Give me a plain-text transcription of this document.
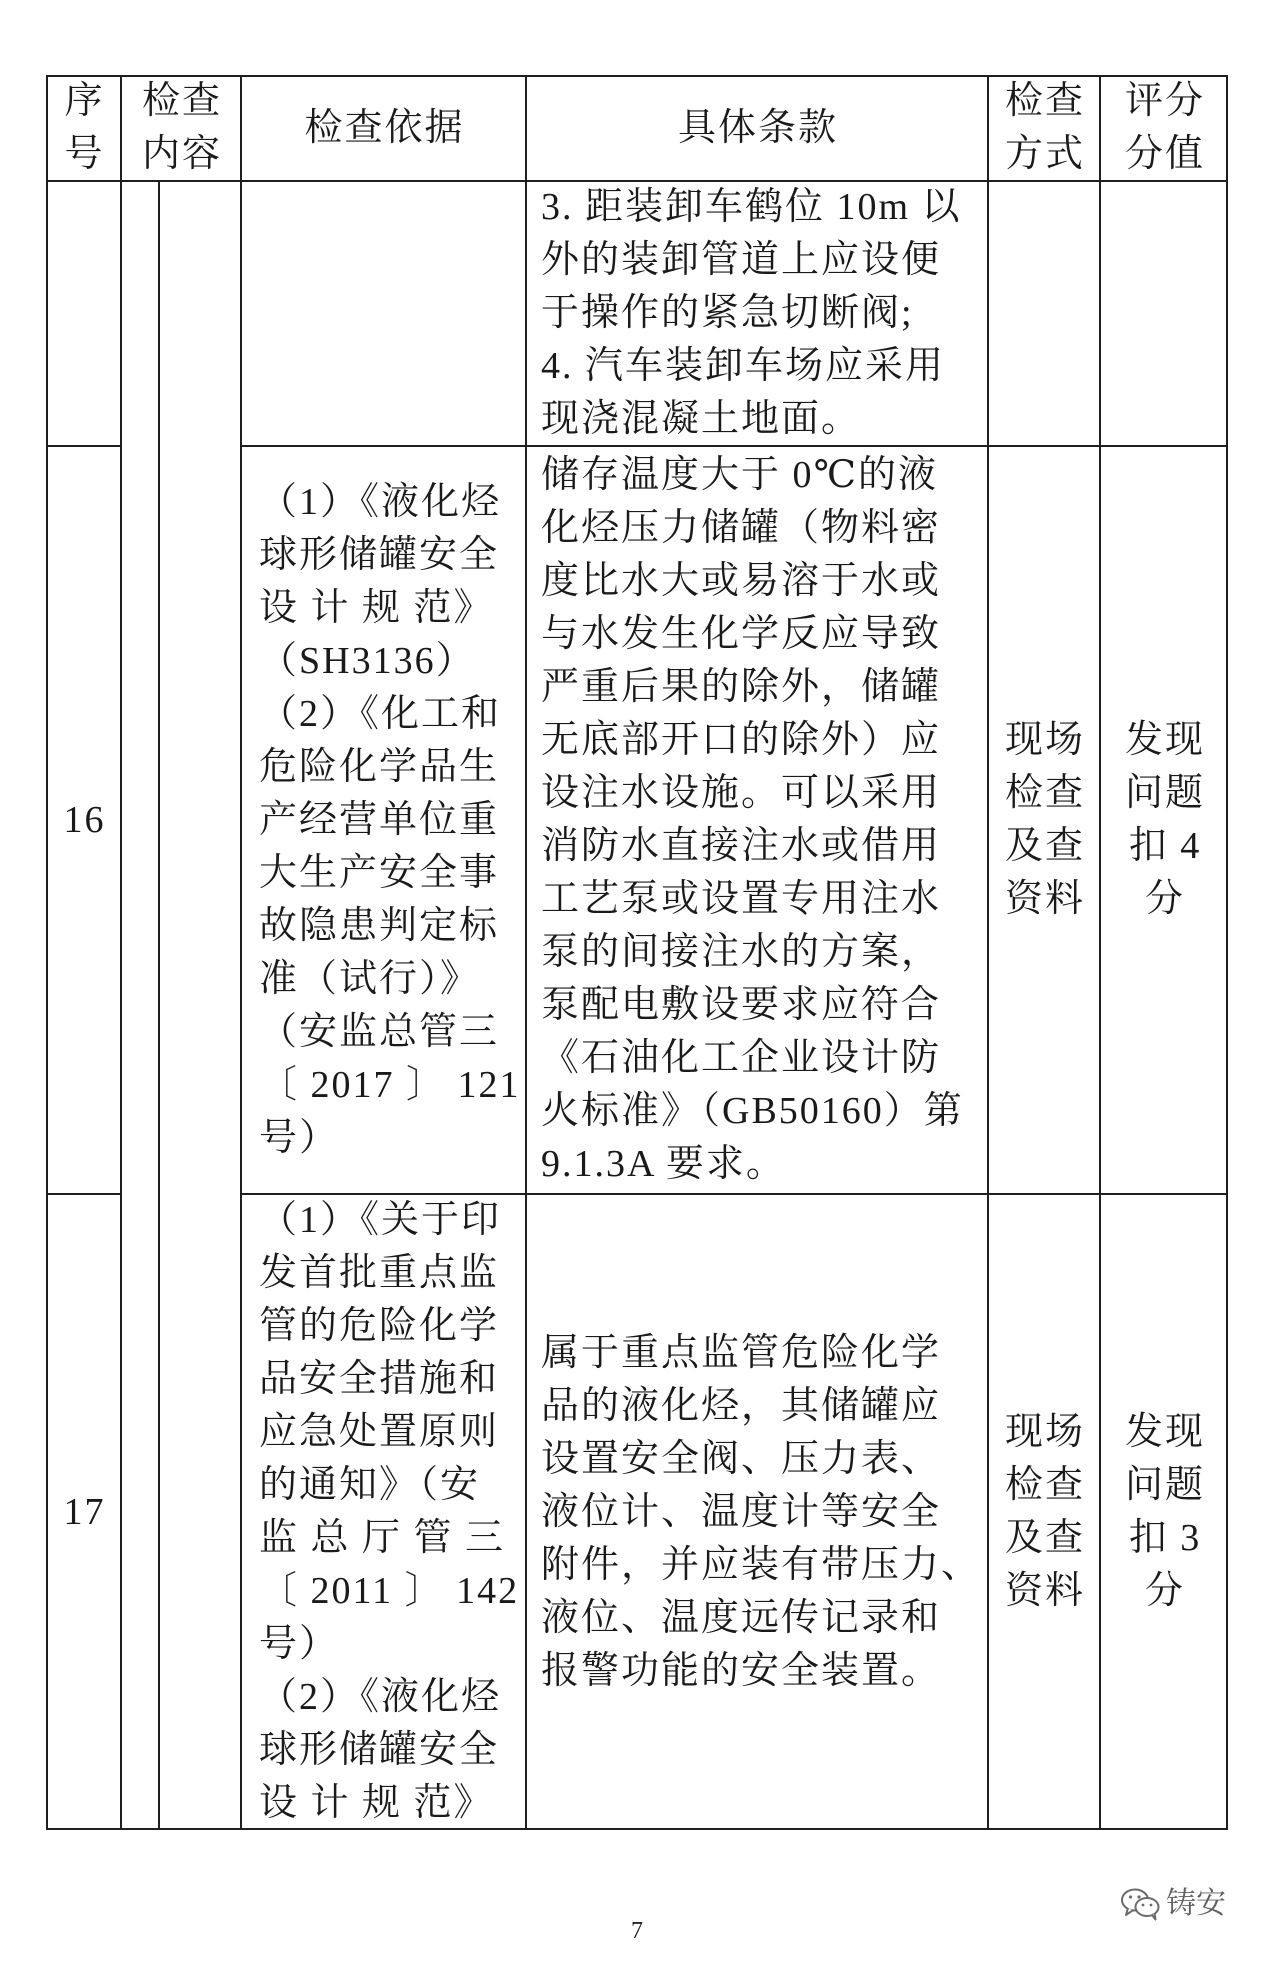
序
号
检查
内容
检查依据	具体条款
检查
方式
评分
分值
3. 距装卸车鹤位 10m 以
外的装卸管道上应设便
于操作的紧急切断阀;
4. 汽车装卸车场应采用
现浇混凝土地面。
16
（1）《液化烃
球形储罐安全
设 计 规 范》
（SH3136）
（2）《化工和
危险化学品生
产经营单位重
大生产安全事
故隐患判定标
准（试行）》
（安监总管三
〔 2017 〕 121
号）
储存温度大于 0℃的液
化烃压力储罐（物料密
度比水大或易溶于水或
与水发生化学反应导致
严重后果的除外，储罐
无底部开口的除外）应
设注水设施。可以采用
消防水直接注水或借用
工艺泵或设置专用注水
泵的间接注水的方案，
泵配电敷设要求应符合
《石油化工企业设计防
火标准》（GB50160）第
9.1.3A 要求。
现场
检查
及查
资料
发现
问题
扣 4
分
17
（1）《关于印
发首批重点监
管的危险化学
品安全措施和
应急处置原则
的通知》（安
监 总 厅 管 三
〔 2011 〕 142
号）
（2）《液化烃
球形储罐安全
设 计 规 范》
属于重点监管危险化学
品的液化烃，其储罐应
设置安全阀、压力表、
液位计、温度计等安全
附件，并应装有带压力、
液位、温度远传记录和
报警功能的安全装置。
现场
检查
及查
资料
发现
问题
扣 3
分
铸安
7
